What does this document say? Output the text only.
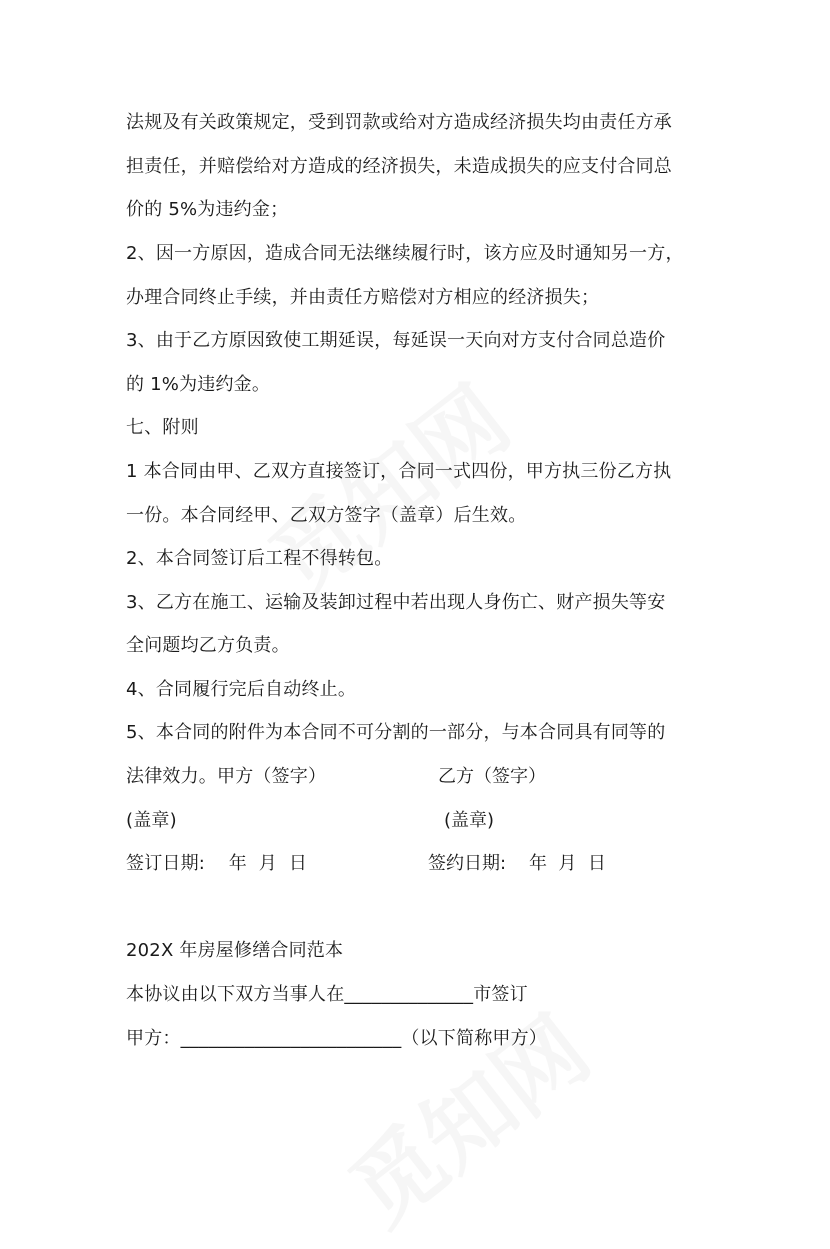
法规及有关政策规定，受到罚款或给对方造成经济损失均由责任方承
担责任，并赔偿给对方造成的经济损失，未造成损失的应支付合同总
价的 5%为违约金；
2、因一方原因，造成合同无法继续履行时，该方应及时通知另一方，
办理合同终止手续，并由责任方赔偿对方相应的经济损失；
3、由于乙方原因致使工期延误，每延误一天向对方支付合同总造价
的 1%为违约金。
七、附则
1 本合同由甲、乙双方直接签订，合同一式四份，甲方执三份乙方执
一份。本合同经甲、乙双方签字（盖章）后生效。
2、本合同签订后工程不得转包。
3、乙方在施工、运输及装卸过程中若出现人身伤亡、财产损失等安
全问题均乙方负责。
4、合同履行完后自动终止。
5、本合同的附件为本合同不可分割的一部分，与本合同具有同等的
法律效力。甲方（签字）	乙方（签字）
(盖章)	(盖章)
签订日期:    年  月  日	签约日期:    年  月  日
202X 年房屋修缮合同范本
本协议由以下双方当事人在______________市签订
甲方：________________________（以下简称甲方）
